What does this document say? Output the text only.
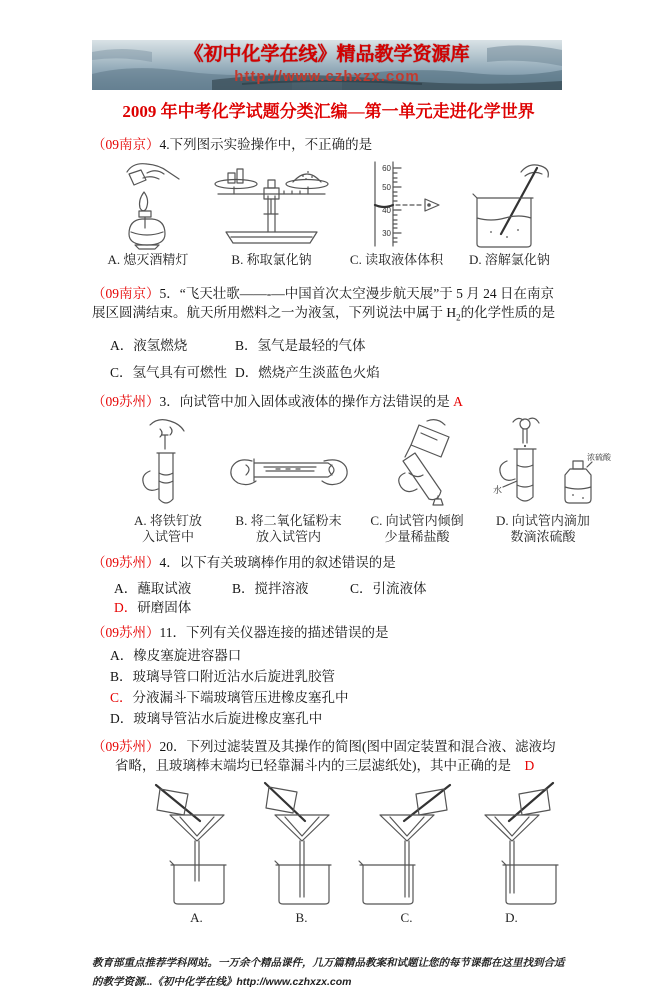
《初中化学在线》精品教学资源库
http://www.czhxzx.com
2009 年中考化学试题分类汇编—第一单元走进化学世界
（09南京）4.下列图示实验操作中，不正确的是
A. 熄灭酒精灯	B. 称取氯化钠
60
50
40
30
C. 读取液体体积	D. 溶解氯化钠
（09南京）5．“飞天壮歌——-—中国首次太空漫步航天展”于 5 月 24 日在南京展区圆满结束。航天所用燃料之一为液氢，下列说法中属于 $H_2$的化学性质的是
A．液氢燃烧	B．氢气是最轻的气体
C．氢气具有可燃性 D．燃烧产生淡蓝色火焰
（09苏州）3．向试管中加入固体或液体的操作方法错误的是 A
A. 将铁钉放
入试管中
B. 将二氧化锰粉末
放入试管内
C. 向试管内倾倒
少量稀盐酸
水
浓硫酸
D. 向试管内滴加
数滴浓硫酸
（09苏州）4．以下有关玻璃棒作用的叙述错误的是
A．蘸取试液	B．搅拌溶液	C．引流液体D．研磨固体
（09苏州）11．下列有关仪器连接的描述错误的是
A．橡皮塞旋进容器口
B．玻璃导管口附近沾水后旋进乳胶管
C．分液漏斗下端玻璃管压进橡皮塞孔中
D．玻璃导管沾水后旋进橡皮塞孔中
（09苏州）20．下列过滤装置及其操作的简图(图中固定装置和混合液、滤液均省略，且玻璃棒末端均已轻靠漏斗内的三层滤纸处)，其中正确的是　D
A.	B.	C.	D.
教育部重点推荐学科网站。一万余个精品课件，几万篇精品教案和试题让您的每节课都在这里找到合适的教学资源...《初中化学在线》http://www.czhxzx.com
